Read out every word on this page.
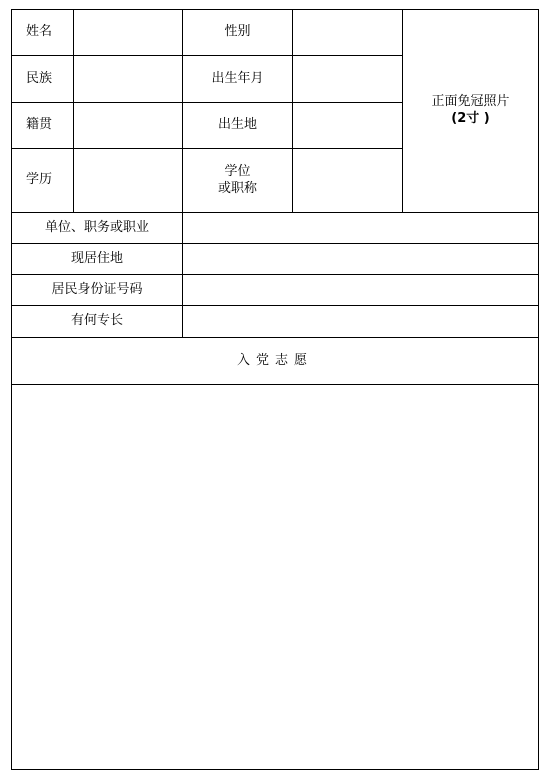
姓名		性别		正面免冠照片
(2寸 )

民族		出生年月		
籍贯		出生地		
学历		学位
或职称		

单位、职务或职业				
现居住地				
居民身份证号码				
有何专长				
入党志愿				
